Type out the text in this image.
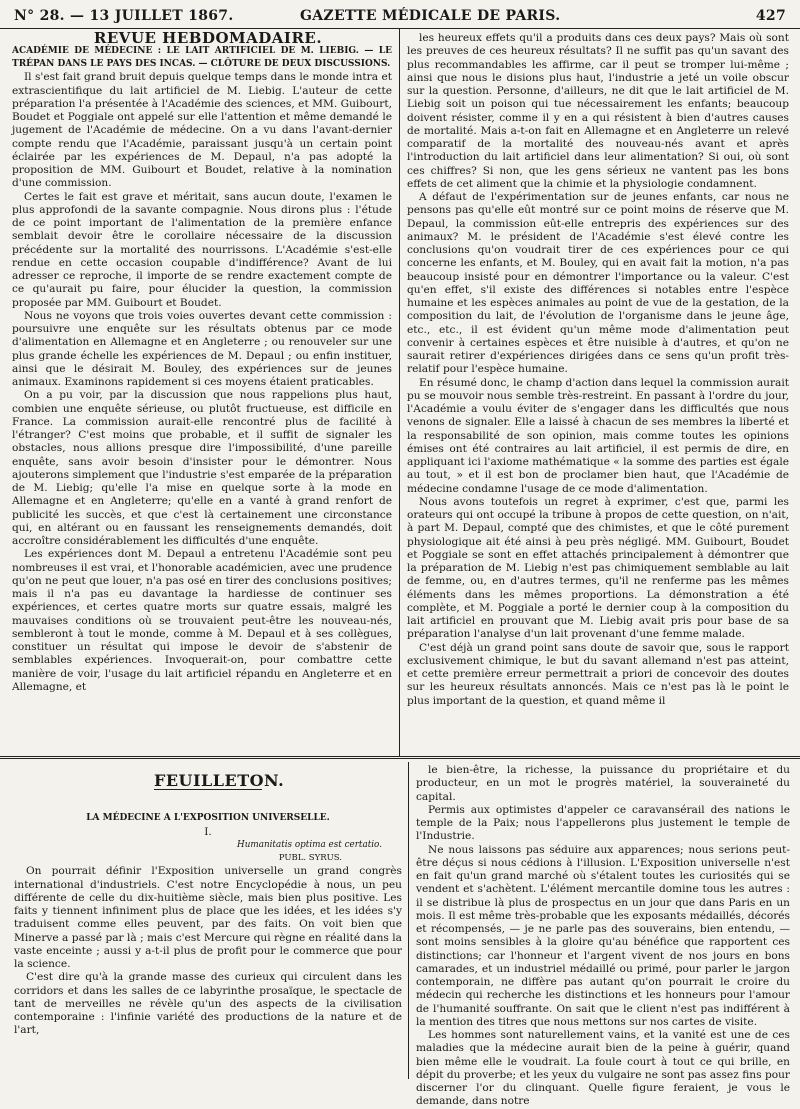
N° 28. — 13 JUILLET 1867.	GAZETTE MÉDICALE DE PARIS.	427

REVUE HEBDOMADAIRE.

ACADÉMIE DE MÉDECINE : LE LAIT ARTIFICIEL DE M. LIEBIG. — LE TRÉPAN DANS LE PAYS DES INCAS. — CLÔTURE DE DEUX DISCUSSIONS.

Il s'est fait grand bruit depuis quelque temps dans le monde intra et extrascientifique du lait artificiel de M. Liebig. L'auteur de cette préparation l'a présentée à l'Académie des sciences, et MM. Guibourt, Boudet et Poggiale ont appelé sur elle l'attention et même demandé le jugement de l'Académie de médecine. On a vu dans l'avant-dernier compte rendu que l'Académie, paraissant jusqu'à un certain point éclairée par les expériences de M. Depaul, n'a pas adopté la proposition de MM. Guibourt et Boudet, relative à la nomination d'une commission.

Certes le fait est grave et méritait, sans aucun doute, l'examen le plus approfondi de la savante compagnie. Nous dirons plus : l'étude de ce point important de l'alimentation de la première enfance semblait devoir être le corollaire nécessaire de la discussion précédente sur la mortalité des nourrissons. L'Académie s'est-elle rendue en cette occasion coupable d'indifférence? Avant de lui adresser ce reproche, il importe de se rendre exactement compte de ce qu'aurait pu faire, pour élucider la question, la commission proposée par MM. Guibourt et Boudet.

Nous ne voyons que trois voies ouvertes devant cette commission : poursuivre une enquête sur les résultats obtenus par ce mode d'alimentation en Allemagne et en Angleterre ; ou renouveler sur une plus grande échelle les expériences de M. Depaul ; ou enfin instituer, ainsi que le désirait M. Bouley, des expériences sur de jeunes animaux. Examinons rapidement si ces moyens étaient praticables.

On a pu voir, par la discussion que nous rappelions plus haut, combien une enquête sérieuse, ou plutôt fructueuse, est difficile en France. La commission aurait-elle rencontré plus de facilité à l'étranger? C'est moins que probable, et il suffit de signaler les obstacles, nous allions presque dire l'impossibilité, d'une pareille enquête, sans avoir besoin d'insister pour le démontrer. Nous ajouterons simplement que l'industrie s'est emparée de la préparation de M. Liebig; qu'elle l'a mise en quelque sorte à la mode en Allemagne et en Angleterre; qu'elle en a vanté à grand renfort de publicité les succès, et que c'est là certainement une circonstance qui, en altérant ou en faussant les renseignements demandés, doit accroître considérablement les difficultés d'une enquête.

Les expériences dont M. Depaul a entretenu l'Académie sont peu nombreuses il est vrai, et l'honorable académicien, avec une prudence qu'on ne peut que louer, n'a pas osé en tirer des conclusions positives; mais il n'a pas eu davantage la hardiesse de continuer ses expériences, et certes quatre morts sur quatre essais, malgré les mauvaises conditions où se trouvaient peut-être les nouveau-nés, sembleront à tout le monde, comme à M. Depaul et à ses collègues, constituer un résultat qui impose le devoir de s'abstenir de semblables expériences. Invoquerait-on, pour combattre cette manière de voir, l'usage du lait artificiel répandu en Angleterre et en Allemagne, et

les heureux effets qu'il a produits dans ces deux pays? Mais où sont les preuves de ces heureux résultats? Il ne suffit pas qu'un savant des plus recommandables les affirme, car il peut se tromper lui-même ; ainsi que nous le disions plus haut, l'industrie a jeté un voile obscur sur la question. Personne, d'ailleurs, ne dit que le lait artificiel de M. Liebig soit un poison qui tue nécessairement les enfants; beaucoup doivent résister, comme il y en a qui résistent à bien d'autres causes de mortalité. Mais a-t-on fait en Allemagne et en Angleterre un relevé comparatif de la mortalité des nouveau-nés avant et après l'introduction du lait artificiel dans leur alimentation? Si oui, où sont ces chiffres? Si non, que les gens sérieux ne vantent pas les bons effets de cet aliment que la chimie et la physiologie condamnent.

A défaut de l'expérimentation sur de jeunes enfants, car nous ne pensons pas qu'elle eût montré sur ce point moins de réserve que M. Depaul, la commission eût-elle entrepris des expériences sur des animaux? M. le président de l'Académie s'est élevé contre les conclusions qu'on voudrait tirer de ces expériences pour ce qui concerne les enfants, et M. Bouley, qui en avait fait la motion, n'a pas beaucoup insisté pour en démontrer l'importance ou la valeur. C'est qu'en effet, s'il existe des différences si notables entre l'espèce humaine et les espèces animales au point de vue de la gestation, de la composition du lait, de l'évolution de l'organisme dans le jeune âge, etc., etc., il est évident qu'un même mode d'alimentation peut convenir à certaines espèces et être nuisible à d'autres, et qu'on ne saurait retirer d'expériences dirigées dans ce sens qu'un profit très-relatif pour l'espèce humaine.

En résumé donc, le champ d'action dans lequel la commission aurait pu se mouvoir nous semble très-restreint. En passant à l'ordre du jour, l'Académie a voulu éviter de s'engager dans les difficultés que nous venons de signaler. Elle a laissé à chacun de ses membres la liberté et la responsabilité de son opinion, mais comme toutes les opinions émises ont été contraires au lait artificiel, il est permis de dire, en appliquant ici l'axiome mathématique « la somme des parties est égale au tout, » et il est bon de proclamer bien haut, que l'Académie de médecine condamne l'usage de ce mode d'alimentation.

Nous avons toutefois un regret à exprimer, c'est que, parmi les orateurs qui ont occupé la tribune à propos de cette question, on n'ait, à part M. Depaul, compté que des chimistes, et que le côté purement physiologique ait été ainsi à peu près négligé. MM. Guibourt, Boudet et Poggiale se sont en effet attachés principalement à démontrer que la préparation de M. Liebig n'est pas chimiquement semblable au lait de femme, ou, en d'autres termes, qu'il ne renferme pas les mêmes éléments dans les mêmes proportions. La démonstration a été complète, et M. Poggiale a porté le dernier coup à la composition du lait artificiel en prouvant que M. Liebig avait pris pour base de sa préparation l'analyse d'un lait provenant d'une femme malade.

C'est déjà un grand point sans doute de savoir que, sous le rapport exclusivement chimique, le but du savant allemand n'est pas atteint, et cette première erreur permettrait a priori de concevoir des doutes sur les heureux résultats annoncés. Mais ce n'est pas là le point le plus important de la question, et quand même il

FEUILLETON.

LA MÉDECINE A L'EXPOSITION UNIVERSELLE.

I.

Humanitatis optima est certatio.

PUBL. SYRUS.

On pourrait définir l'Exposition universelle un grand congrès international d'industriels. C'est notre Encyclopédie à nous, un peu différente de celle du dix-huitième siècle, mais bien plus positive. Les faits y tiennent infiniment plus de place que les idées, et les idées s'y traduisent comme elles peuvent, par des faits. On voit bien que Minerve a passé par là ; mais c'est Mercure qui règne en réalité dans la vaste enceinte ; aussi y a-t-il plus de profit pour le commerce que pour la science.

C'est dire qu'à la grande masse des curieux qui circulent dans les corridors et dans les salles de ce labyrinthe prosaïque, le spectacle de tant de merveilles ne révèle qu'un des aspects de la civilisation contemporaine : l'infinie variété des productions de la nature et de l'art,

le bien-être, la richesse, la puissance du propriétaire et du producteur, en un mot le progrès matériel, la souveraineté du capital.

Permis aux optimistes d'appeler ce caravansérail des nations le temple de la Paix; nous l'appellerons plus justement le temple de l'Industrie.

Ne nous laissons pas séduire aux apparences; nous serions peut-être déçus si nous cédions à l'illusion. L'Exposition universelle n'est en fait qu'un grand marché où s'étalent toutes les curiosités qui se vendent et s'achètent. L'élément mercantile domine tous les autres : il se distribue là plus de prospectus en un jour que dans Paris en un mois. Il est même très-probable que les exposants médaillés, décorés et récompensés, — je ne parle pas des souverains, bien entendu, — sont moins sensibles à la gloire qu'au bénéfice que rapportent ces distinctions; car l'honneur et l'argent vivent de nos jours en bons camarades, et un industriel médaillé ou primé, pour parler le jargon contemporain, ne diffère pas autant qu'on pourrait le croire du médecin qui recherche les distinctions et les honneurs pour l'amour de l'humanité souffrante. On sait que le client n'est pas indifférent à la mention des titres que nous mettons sur nos cartes de visite.

Les hommes sont naturellement vains, et la vanité est une de ces maladies que la médecine aurait bien de la peine à guérir, quand bien même elle le voudrait. La foule court à tout ce qui brille, en dépit du proverbe; et les yeux du vulgaire ne sont pas assez fins pour discerner l'or du clinquant. Quelle figure feraient, je vous le demande, dans notre
